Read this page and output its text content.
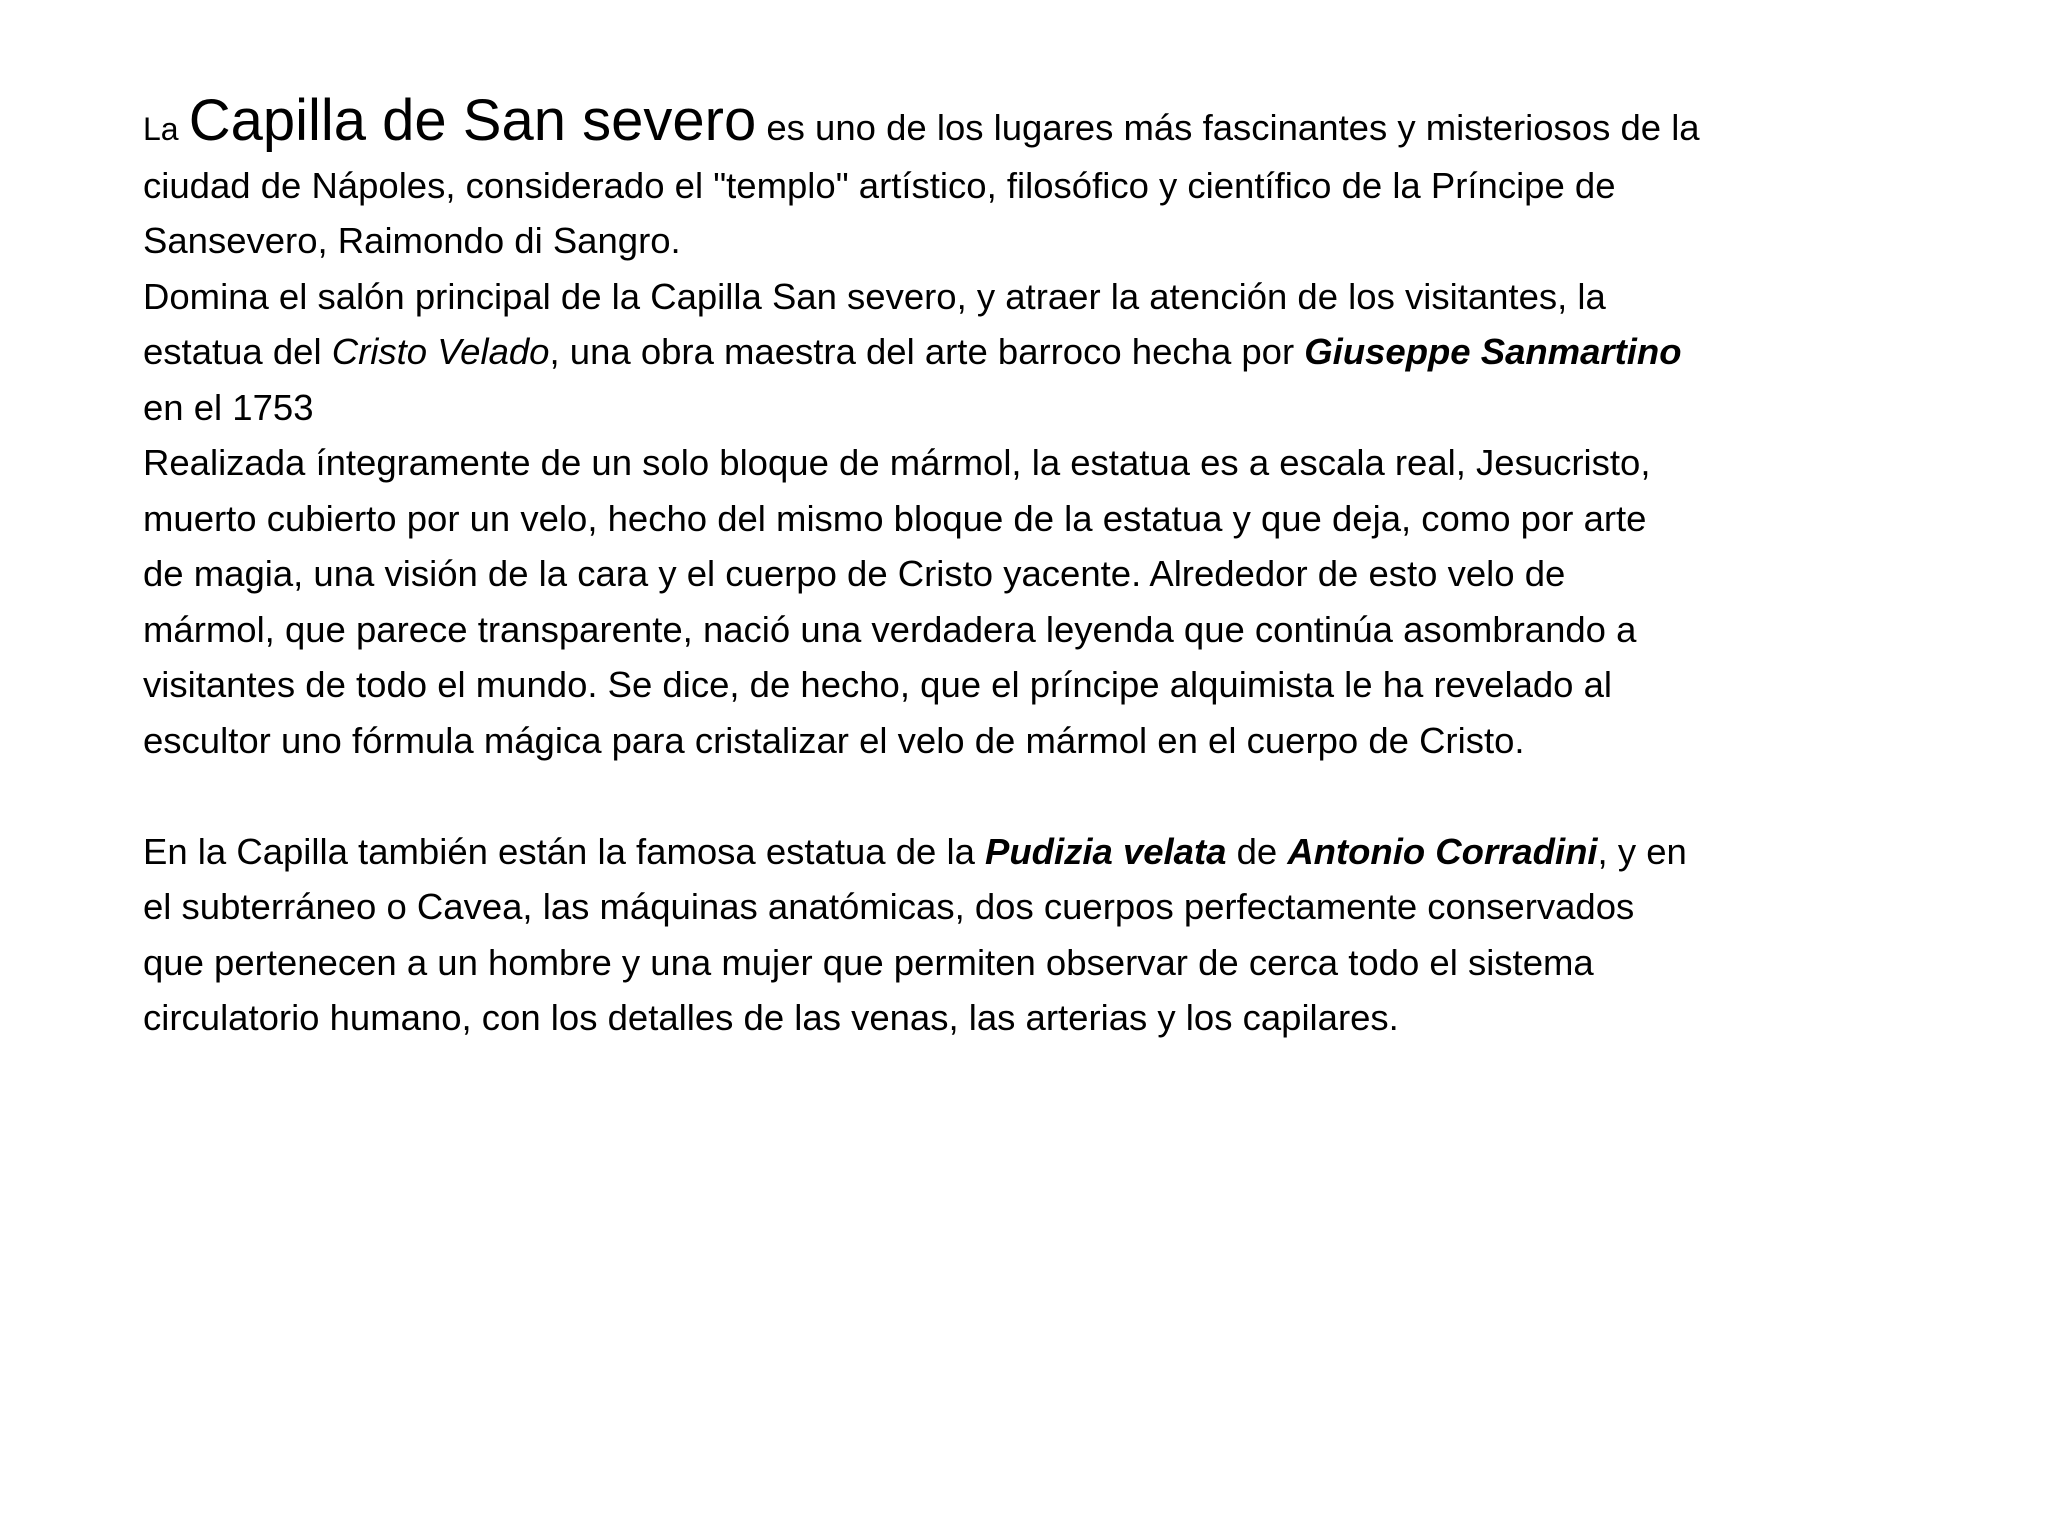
La Capilla de San severo es uno de los lugares más fascinantes y misteriosos de la
ciudad de Nápoles, considerado el "templo" artístico, filosófico y científico de la Príncipe de
Sansevero, Raimondo di Sangro.

Domina el salón principal de la Capilla San severo, y atraer la atención de los visitantes, la
estatua del Cristo Velado, una obra maestra del arte barroco hecha por Giuseppe Sanmartino
en el 1753

Realizada íntegramente de un solo bloque de mármol, la estatua es a escala real, Jesucristo,
muerto cubierto por un velo, hecho del mismo bloque de la estatua y que deja, como por arte
de magia, una visión de la cara y el cuerpo de Cristo yacente. Alrededor de esto velo de
mármol, que parece transparente, nació una verdadera leyenda que continúa asombrando a
visitantes de todo el mundo. Se dice, de hecho, que el príncipe alquimista le ha revelado al
escultor uno fórmula mágica para cristalizar el velo de mármol en el cuerpo de Cristo.

En la Capilla también están la famosa estatua de la Pudizia velata de Antonio Corradini, y en
el subterráneo o Cavea, las máquinas anatómicas, dos cuerpos perfectamente conservados
que pertenecen a un hombre y una mujer que permiten observar de cerca todo el sistema
circulatorio humano, con los detalles de las venas, las arterias y los capilares.
